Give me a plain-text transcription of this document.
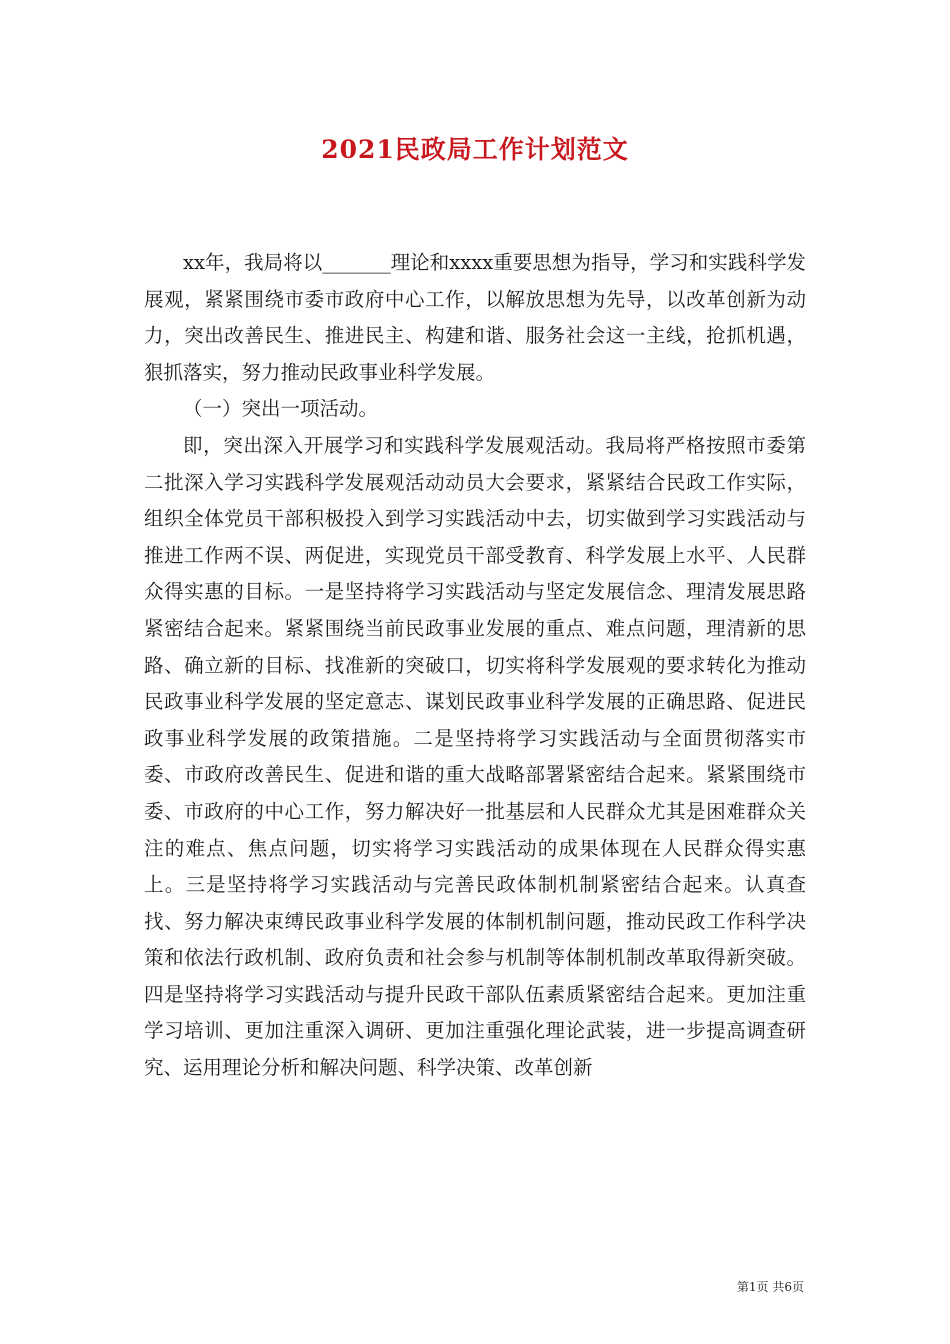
2021民政局工作计划范文

xx年，我局将以_______理论和xxxx重要思想为指导，学习和实践科学发展观，紧紧围绕市委市政府中心工作，以解放思想为先导，以改革创新为动力，突出改善民生、推进民主、构建和谐、服务社会这一主线，抢抓机遇，狠抓落实，努力推动民政事业科学发展。

（一）突出一项活动。

即，突出深入开展学习和实践科学发展观活动。我局将严格按照市委第二批深入学习实践科学发展观活动动员大会要求，紧紧结合民政工作实际，组织全体党员干部积极投入到学习实践活动中去，切实做到学习实践活动与推进工作两不误、两促进，实现党员干部受教育、科学发展上水平、人民群众得实惠的目标。一是坚持将学习实践活动与坚定发展信念、理清发展思路紧密结合起来。紧紧围绕当前民政事业发展的重点、难点问题，理清新的思路、确立新的目标、找准新的突破口，切实将科学发展观的要求转化为推动民政事业科学发展的坚定意志、谋划民政事业科学发展的正确思路、促进民政事业科学发展的政策措施。二是坚持将学习实践活动与全面贯彻落实市委、市政府改善民生、促进和谐的重大战略部署紧密结合起来。紧紧围绕市委、市政府的中心工作，努力解决好一批基层和人民群众尤其是困难群众关注的难点、焦点问题，切实将学习实践活动的成果体现在人民群众得实惠上。三是坚持将学习实践活动与完善民政体制机制紧密结合起来。认真查找、努力解决束缚民政事业科学发展的体制机制问题，推动民政工作科学决策和依法行政机制、政府负责和社会参与机制等体制机制改革取得新突破。四是坚持将学习实践活动与提升民政干部队伍素质紧密结合起来。更加注重学习培训、更加注重深入调研、更加注重强化理论武装，进一步提高调查研究、运用理论分析和解决问题、科学决策、改革创新

第1页 共6页
